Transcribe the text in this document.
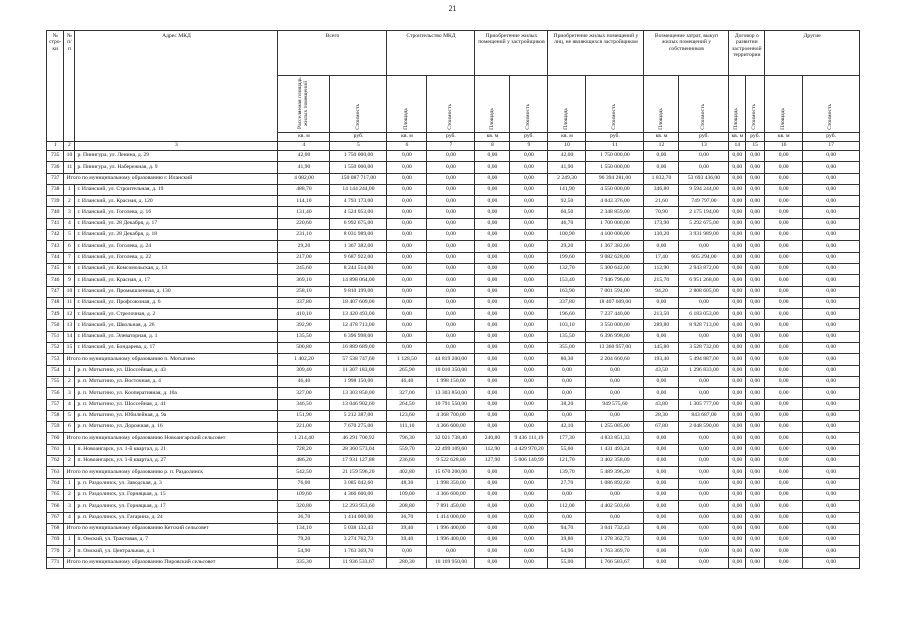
21
№ стро-ки	№ п/п	Адрес МКД	Всего		Строительство МКД		Приобретение жилых помещений у застройщиков		Приобретение жилых помещений у лиц, не являющихся застройщиком		Возмещение затрат, выкуп жилых помещений у собственников		Договор о развитии застроенной территории		Другие	
			Расселяемая площадь жилых помещений	Стоимость	Площадь	Стоимость	Площадь	Стоимость	Площадь	Стоимость	Площадь	Стоимость	Площадь	Стоимость	Площадь	Стоимость
			кв. м	руб.	кв. м	руб.	кв. м	руб.	кв. м	руб.	кв. м	руб.	кв. м	руб.	кв. м	руб.
1	2	3	4	5	6	7	8	9	10	11	12	13	14	15	16	17
735	10	р. Пинигура, ул. Ленина, д. 29	42,00	1 750 000,00	0,00	0,00	0,00	0,00	42,00	1 750 000,00	0,00	0,00	0,00	0,00	0,00	0,00
736	11	р. Пинигура, ул. Набережная, д. 9	41,90	1 550 000,00	0,00	0,00	0,00	0,00	41,90	1 550 000,00	0,00	0,00	0,00	0,00	0,00	0,00
737	Итого по муниципальному образованию г. Иланский		4 082,00	150 087 717,00	0,00	0,00	0,00	0,00	2 249,30	96 394 281,00	1 832,70	53 693 436,00	0,00	0,00	0,00	0,00
738	1	г. Иланский, ул. Строительная, д. 19	488,70	14 144 244,00	0,00	0,00	0,00	0,00	141,90	4 550 000,00	346,80	9 594 244,00	0,00	0,00	0,00	0,00
739	2	г. Иланский, ул. Красная, д. 120	114,10	4 793 173,00	0,00	0,00	0,00	0,00	92,50	4 043 376,00	21,60	749 797,00	0,00	0,00	0,00	0,00
740	3	г. Иланский, ул. Гоголева, д. 16	131,40	4 524 053,00	0,00	0,00	0,00	0,00	60,50	2 348 859,00	70,90	2 175 194,00	0,00	0,00	0,00	0,00
741	4	г. Иланский, ул. 28 Декабря, д. 17	220,60	6 992 675,00	0,00	0,00	0,00	0,00	46,70	1 700 000,00	173,90	5 292 675,00	0,00	0,00	0,00	0,00
742	5	г. Иланский, ул. 28 Декабря, д. 18	231,10	8 031 989,00	0,00	0,00	0,00	0,00	100,90	4 100 000,00	130,20	3 931 989,00	0,00	0,00	0,00	0,00
743	6	г. Иланский, ул. Гоголева, д. 24	29,20	1 367 382,00	0,00	0,00	0,00	0,00	29,20	1 367 382,00	0,00	0,00	0,00	0,00	0,00	0,00
744	7	г. Иланский, ул. Гоголева, д. 22	217,00	9 687 922,00	0,00	0,00	0,00	0,00	199,60	9 082 628,00	17,40	605 294,00	0,00	0,00	0,00	0,00
745	8	г. Иланский, ул. Комсомольская, д. 13	245,60	8 244 514,00	0,00	0,00	0,00	0,00	132,70	5 300 642,00	112,90	2 943 872,00	0,00	0,00	0,00	0,00
746	9	г. Иланский, ул. Красная, д. 17	369,10	14 898 064,00	0,00	0,00	0,00	0,00	153,40	7 946 796,00	215,70	6 951 268,00	0,00	0,00	0,00	0,00
747	10	г. Иланский, ул. Промышленная, д. 130	258,10	9 810 199,00	0,00	0,00	0,00	0,00	163,90	7 001 594,00	94,20	2 808 605,00	0,00	0,00	0,00	0,00
748	11	г. Иланский, ул. Профсоюзная, д. 6	337,80	18 407 609,00	0,00	0,00	0,00	0,00	337,80	18 407 609,00	0,00	0,00	0,00	0,00	0,00	0,00
749	12	г. Иланский, ул. Стрелочная, д. 2	410,10	13 420 493,00	0,00	0,00	0,00	0,00	196,60	7 237 440,00	213,50	6 183 053,00	0,00	0,00	0,00	0,00
750	13	г. Иланский, ул. Школьная, д. 26	392,90	12 478 713,00	0,00	0,00	0,00	0,00	103,10	3 550 000,00	289,80	8 928 713,00	0,00	0,00	0,00	0,00
751	14	г. Иланский, ул. Элеваторная, д. 1	135,50	6 396 998,00	0,00	0,00	0,00	0,00	135,50	6 396 998,00	0,00	0,00	0,00	0,00	0,00	0,00
752	15	г. Иланский, ул. Бондарева, д. 17	500,80	16 889 689,00	0,00	0,00	0,00	0,00	355,00	13 360 957,00	145,80	3 528 732,00	0,00	0,00	0,00	0,00
753	Итого по муниципальному образованию п. Мотыгино		1 402,20	57 538 747,60	1 128,50	44 819 200,00	0,00	0,00	80,30	2 204 660,60	193,40	5 494 887,00	0,00	0,00	0,00	0,00
754	1	р. п. Мотыгино, ул. Шоссейная, д. 43	309,40	11 307 183,00	265,90	10 010 350,00	0,00	0,00	0,00	0,00	43,50	1 296 833,00	0,00	0,00	0,00	0,00
755	2	р. п. Мотыгино, ул. Восточная, д. 4	46,40	1 998 150,00	46,40	1 998 150,00	0,00	0,00	0,00	0,00	0,00	0,00	0,00	0,00	0,00	0,00
756	3	р. п. Мотыгино, ул. Кооперативная, д. 10а	327,00	13 303 850,00	327,00	13 303 850,00	0,00	0,00	0,00	0,00	0,00	0,00	0,00	0,00	0,00	0,00
757	4	р. п. Мотыгино, ул. Шоссейная, д. 41	346,50	13 046 902,60	264,50	10 791 550,00	0,00	0,00	38,20	949 575,60	43,80	1 305 777,00	0,00	0,00	0,00	0,00
758	5	р. п. Мотыгино, ул. Юбилейная, д. 9а	151,90	5 212 387,00	123,60	4 368 700,00	0,00	0,00	0,00	0,00	28,30	843 687,00	0,00	0,00	0,00	0,00
759	6	р. п. Мотыгино, ул. Дорожная, д. 16	221,00	7 670 275,00	111,10	4 366 600,00	0,00	0,00	42,10	1 255 085,00	67,80	2 048 590,00	0,00	0,00	0,00	0,00
760	Итого по муниципальному образованию Новоангарский сельсовет		1 214,40	46 291 700,92	796,30	32 021 738,40	240,80	9 436 111,19	177,30	4 833 851,33	0,00	0,00	0,00	0,00	0,00	0,00
761	1	п. Новоангарск, ул. 1-й квартал, д. 21	728,20	28 360 573,04	559,70	22 499 109,60	112,90	4 429 970,20	55,60	1 431 493,24	0,00	0,00	0,00	0,00	0,00	0,00
762	2	п. Новоангарск, ул. 1-й квартал, д. 27	486,20	17 931 127,88	236,60	9 522 628,80	127,90	5 006 140,99	121,70	3 402 358,09	0,00	0,00	0,00	0,00	0,00	0,00
763	Итого по муниципальному образованию р. п. Раздолинск		542,50	21 159 596,20	402,80	15 670 200,00	0,00	0,00	139,70	5 489 396,20	0,00	0,00	0,00	0,00	0,00	0,00
764	1	р. п. Раздолинск, ул. Заводская, д. 3	76,00	3 085 042,60	48,30	1 998 350,00	0,00	0,00	27,70	1 086 892,60	0,00	0,00	0,00	0,00	0,00	0,00
765	2	р. п. Раздолинск, ул. Горняцкая, д. 15	109,60	4 366 600,00	109,00	4 366 600,00	0,00	0,00	0,00	0,00	0,00	0,00	0,00	0,00	0,00	0,00
766	3	р. п. Раздолинск, ул. Горняцкая, д. 17	320,80	12 293 953,60	208,80	7 891 450,00	0,00	0,00	112,00	4 402 503,60	0,00	0,00	0,00	0,00	0,00	0,00
767	4	р. п. Раздолинск, ул. Гагарина, д. 24	36,70	1 414 000,00	36,70	1 414 000,00	0,00	0,00	0,00	0,00	0,00	0,00	0,00	0,00	0,00	0,00
768	Итого по муниципальному образованию Кетский сельсовет		134,10	5 038 132,43	39,40	1 996 400,00	0,00	0,00	94,70	3 041 732,43	0,00	0,00	0,00	0,00	0,00	0,00
769	1	п. Омский, ул. Трактовая, д. 7	79,20	3 274 762,73	39,40	1 996 400,00	0,00	0,00	39,80	1 278 362,73	0,00	0,00	0,00	0,00	0,00	0,00
770	2	п. Омский, ул. Центральная, д. 1	54,90	1 763 369,70	0,00	0,00	0,00	0,00	54,90	1 763 369,70	0,00	0,00	0,00	0,00	0,00	0,00
771	Итого по муниципальному образованию Пировский сельсовет		335,30	11 936 533,67	280,30	10 169 950,00	0,00	0,00	55,00	1 766 583,67	0,00	0,00	0,00	0,00	0,00	0,00
